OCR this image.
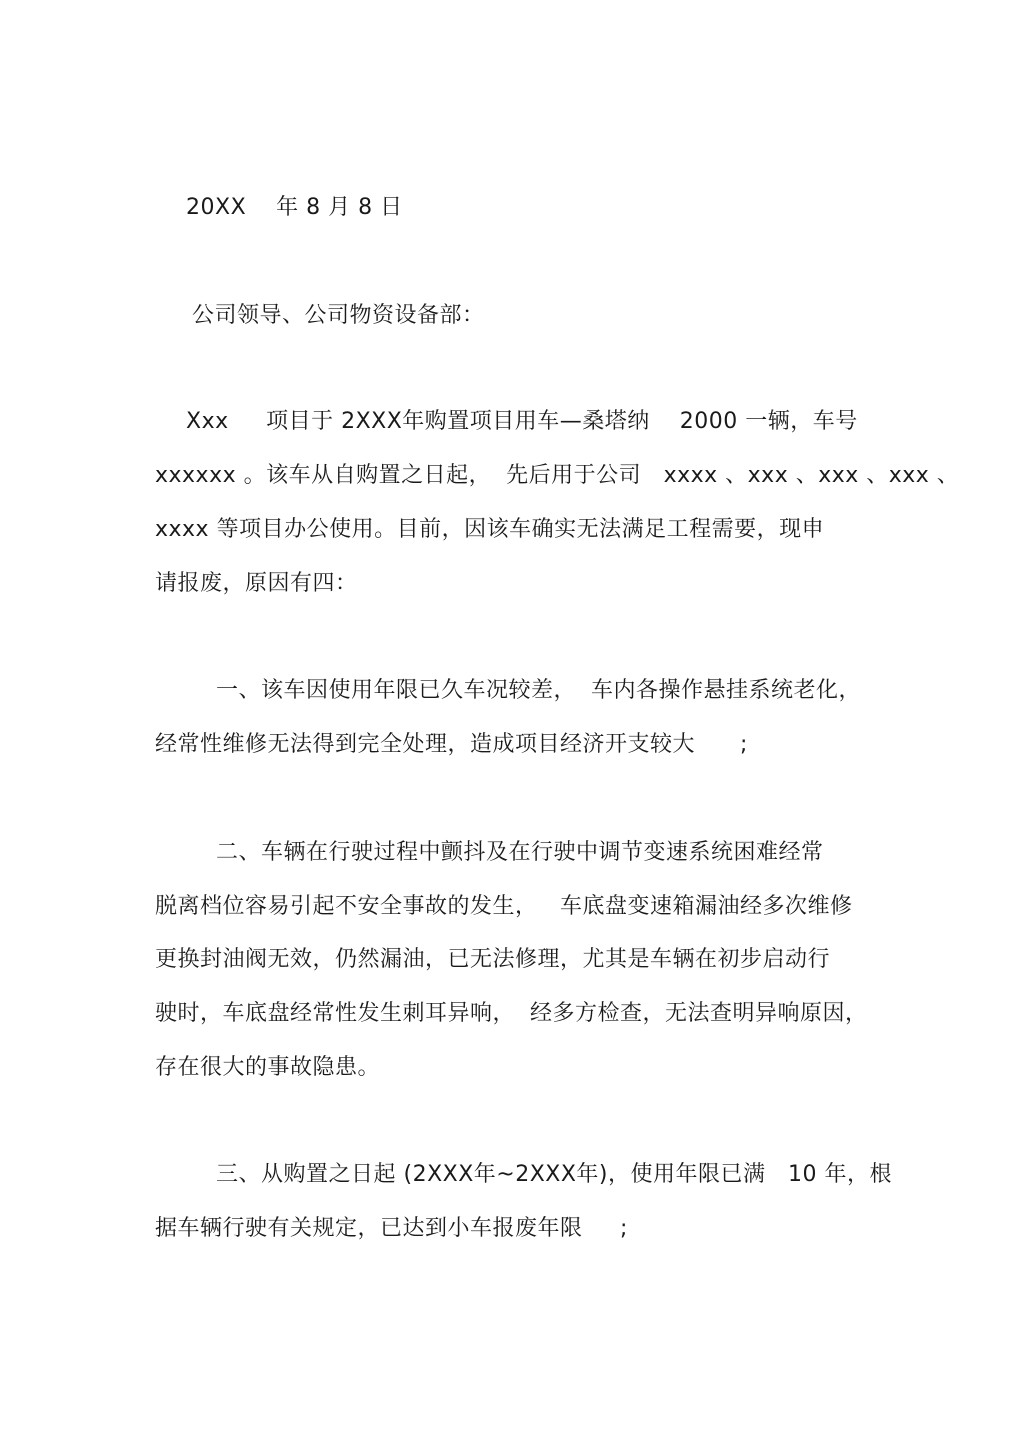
20XX    年 8 月 8 日
公司领导、公司物资设备部：
Xxx     项目于 2XXX年购置项目用车—桑塔纳    2000 一辆，车号
xxxxxx 。该车从自购置之日起，  先后用于公司   xxxx 、xxx 、xxx 、xxx 、
xxxx 等项目办公使用。目前，因该车确实无法满足工程需要，现申
请报废，原因有四：
一、该车因使用年限已久车况较差，  车内各操作悬挂系统老化，
经常性维修无法得到完全处理，造成项目经济开支较大      ;
二、车辆在行驶过程中颤抖及在行驶中调节变速系统困难经常
脱离档位容易引起不安全事故的发生，   车底盘变速箱漏油经多次维修
更换封油阀无效，仍然漏油，已无法修理，尤其是车辆在初步启动行
驶时，车底盘经常性发生刺耳异响，  经多方检查，无法查明异响原因，
存在很大的事故隐患。
三、从购置之日起 (2XXX年~2XXX年)，使用年限已满   10 年，根
据车辆行驶有关规定，已达到小车报废年限     ;
